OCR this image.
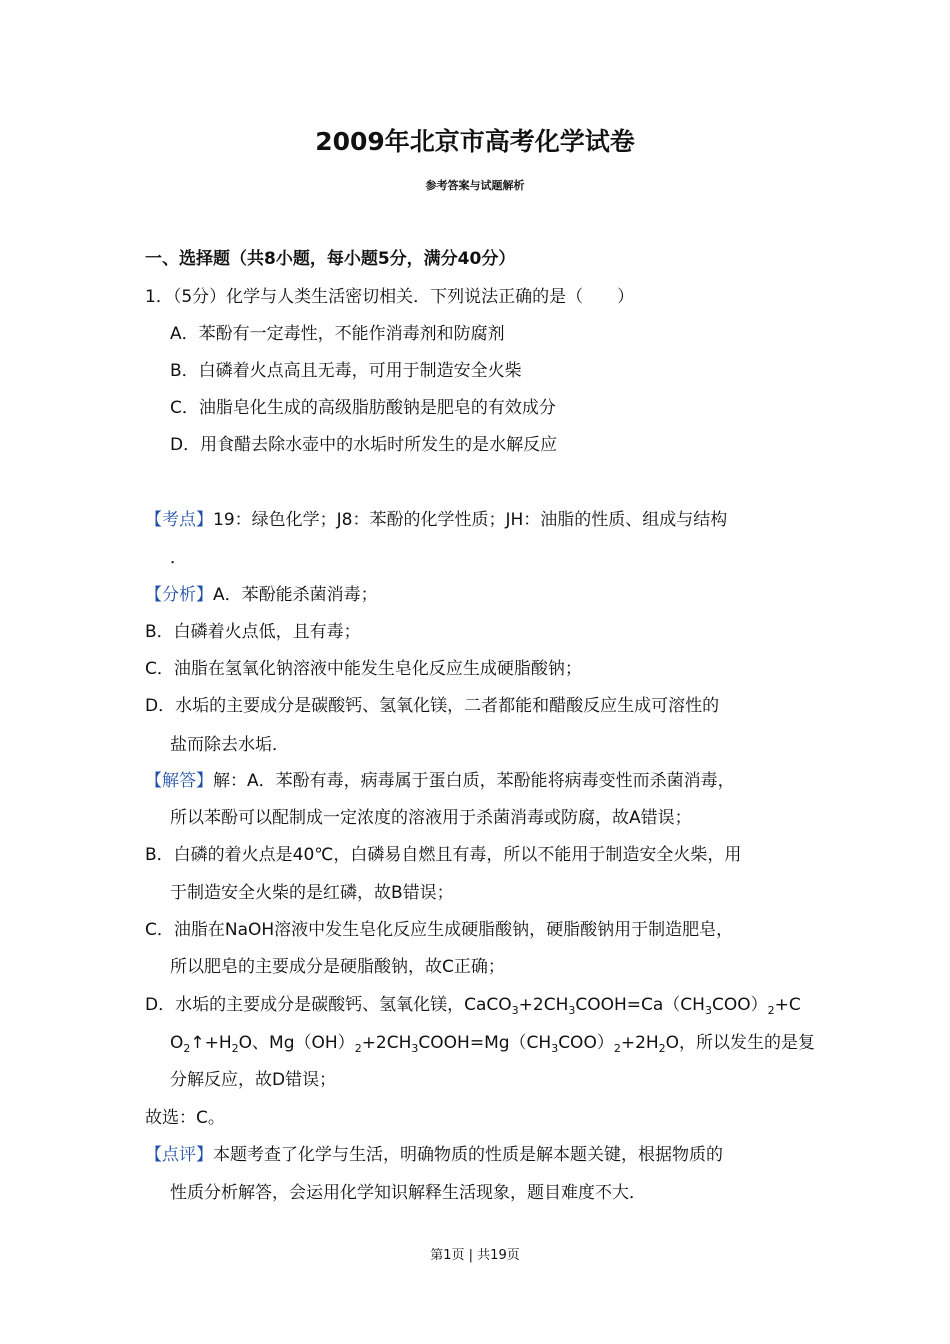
2009年北京市高考化学试卷
参考答案与试题解析
一、选择题（共8小题，每小题5分，满分40分）
1．（5分）化学与人类生活密切相关．下列说法正确的是（　　）
A．苯酚有一定毒性，不能作消毒剂和防腐剂
B．白磷着火点高且无毒，可用于制造安全火柴
C．油脂皂化生成的高级脂肪酸钠是肥皂的有效成分
D．用食醋去除水壶中的水垢时所发生的是水解反应
【考点】19：绿色化学；J8：苯酚的化学性质；JH：油脂的性质、组成与结构
．
【分析】A．苯酚能杀菌消毒；
B．白磷着火点低，且有毒；
C．油脂在氢氧化钠溶液中能发生皂化反应生成硬脂酸钠；
D．水垢的主要成分是碳酸钙、氢氧化镁，二者都能和醋酸反应生成可溶性的
盐而除去水垢．
【解答】解：A．苯酚有毒，病毒属于蛋白质，苯酚能将病毒变性而杀菌消毒，
所以苯酚可以配制成一定浓度的溶液用于杀菌消毒或防腐，故A错误；
B．白磷的着火点是40℃，白磷易自燃且有毒，所以不能用于制造安全火柴，用
于制造安全火柴的是红磷，故B错误；
C．油脂在NaOH溶液中发生皂化反应生成硬脂酸钠，硬脂酸钠用于制造肥皂，
所以肥皂的主要成分是硬脂酸钠，故C正确；
D．水垢的主要成分是碳酸钙、氢氧化镁，$CaCO_3+2CH_3COOH=Ca(CH_3COO)_2+C$
$O_2↑+H_2O$、$Mg(OH)_2+2CH_3COOH=Mg(CH_3COO)_2+2H_2O$，所以发生的是复
分解反应，故D错误；
故选：C。
【点评】本题考查了化学与生活，明确物质的性质是解本题关键，根据物质的
性质分析解答，会运用化学知识解释生活现象，题目难度不大．
第1页 | 共19页
